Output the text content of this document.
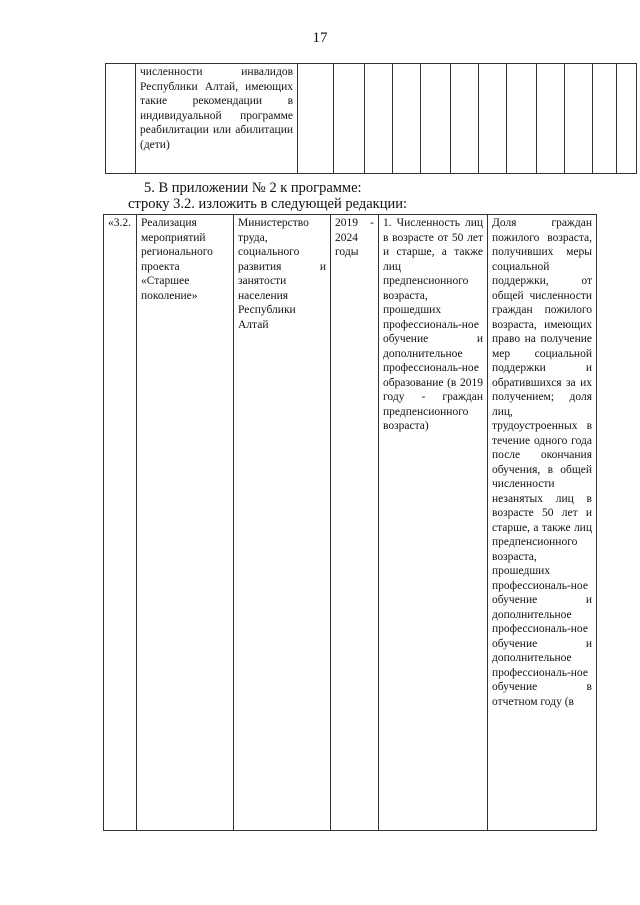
17
	численности инвалидов Республики Алтай, имеющих такие рекомендации в индивидуальной программе реабилитации или абилитации (дети)												
5. В приложении № 2 к программе:
строку 3.2. изложить в следующей редакции:
«3.2.	Реализация мероприятий регионального проекта «Старшее поколение»	Министерство труда, социального развития и занятости населения Республики Алтай	2019 - 2024 годы	1. Численность лиц в возрасте от 50 лет и старше, а также лиц предпенсионного возраста, прошедших профессиональ-ное обучение и дополнительное профессиональ-ное образование (в 2019 году - граждан предпенсионного возраста)	Доля граждан пожилого возраста, получивших меры социальной поддержки, от общей численности граждан пожилого возраста, имеющих право на получение мер социальной поддержки и обратившихся за их получением; доля лиц, трудоустроенных в течение одного года после окончания обучения, в общей численности незанятых лиц в возрасте 50 лет и старше, а также лиц предпенсионного возраста, прошедших профессиональ-ное обучение и дополнительное профессиональ-ное обучение и дополнительное профессиональ-ное обучение в отчетном году (в
